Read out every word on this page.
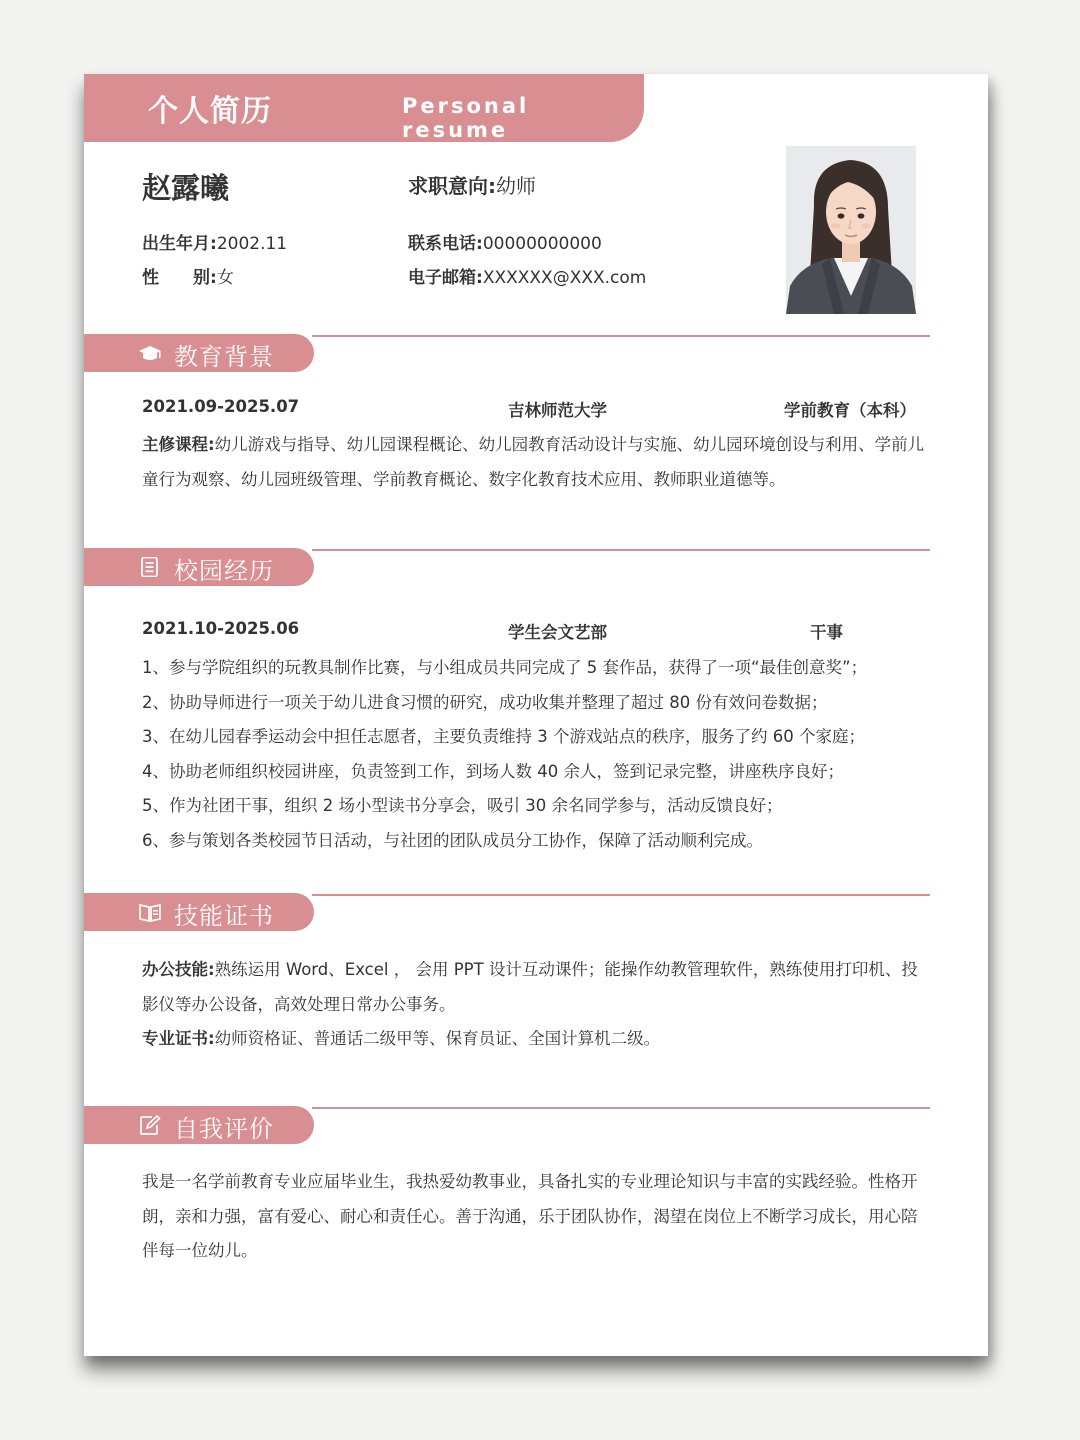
个人简历	Personal resume
赵露曦	求职意向:幼师
出生年月:2002.11
性　　别:女
联系电话:00000000000
电子邮箱:XXXXXX@XXX.com
教育背景
2021.09-2025.07	吉林师范大学	学前教育（本科）
主修课程:幼儿游戏与指导、幼儿园课程概论、幼儿园教育活动设计与实施、幼儿园环境创设与利用、学前儿童行为观察、幼儿园班级管理、学前教育概论、数字化教育技术应用、教师职业道德等。
校园经历
2021.10-2025.06	学生会文艺部	干事
1、参与学院组织的玩教具制作比赛，与小组成员共同完成了 5 套作品，获得了一项“最佳创意奖”；
2、协助导师进行一项关于幼儿进食习惯的研究，成功收集并整理了超过 80 份有效问卷数据；
3、在幼儿园春季运动会中担任志愿者，主要负责维持 3 个游戏站点的秩序，服务了约 60 个家庭；
4、协助老师组织校园讲座，负责签到工作，到场人数 40 余人，签到记录完整，讲座秩序良好；
5、作为社团干事，组织 2 场小型读书分享会，吸引 30 余名同学参与，活动反馈良好；
6、参与策划各类校园节日活动，与社团的团队成员分工协作，保障了活动顺利完成。
技能证书
办公技能:熟练运用 Word、Excel ， 会用 PPT 设计互动课件；能操作幼教管理软件，熟练使用打印机、投影仪等办公设备，高效处理日常办公事务。
专业证书:幼师资格证、普通话二级甲等、保育员证、全国计算机二级。
自我评价
我是一名学前教育专业应届毕业生，我热爱幼教事业，具备扎实的专业理论知识与丰富的实践经验。性格开朗，亲和力强，富有爱心、耐心和责任心。善于沟通，乐于团队协作，渴望在岗位上不断学习成长，用心陪伴每一位幼儿。
